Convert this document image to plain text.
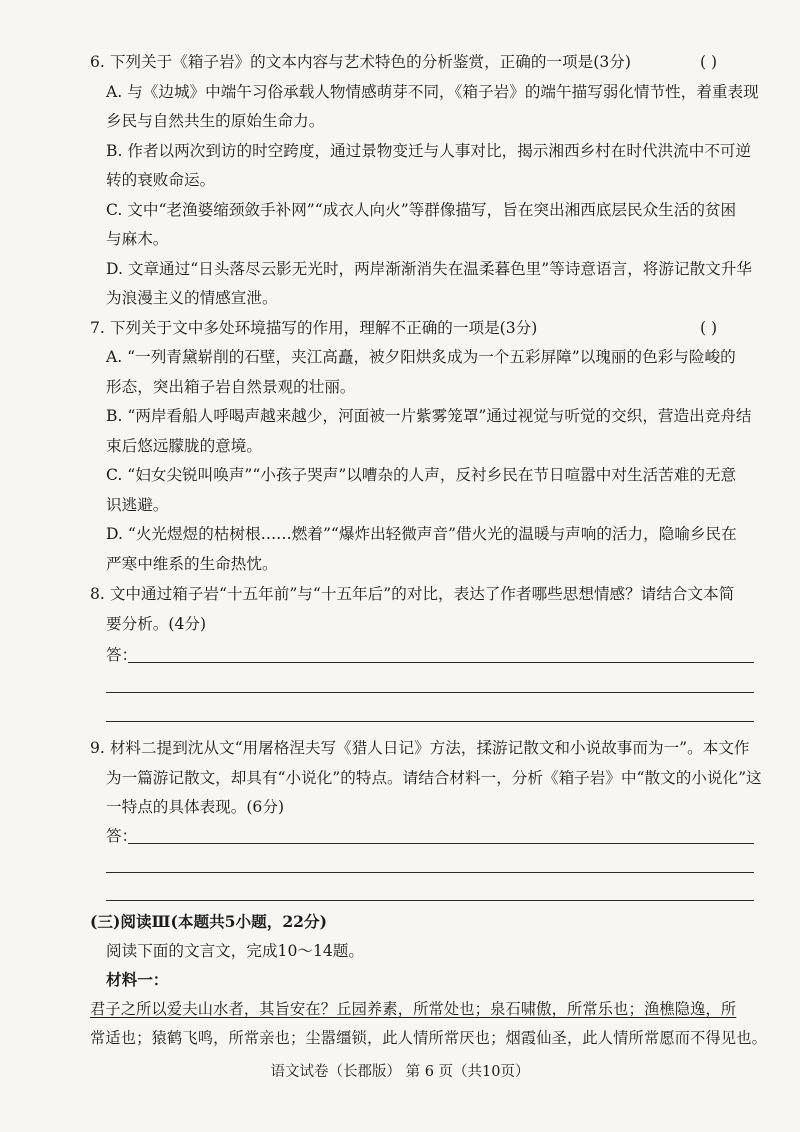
6. 下列关于《箱子岩》的文本内容与艺术特色的分析鉴赏，正确的一项是(3分)	( )
A. 与《边城》中端午习俗承载人物情感萌芽不同，《箱子岩》的端午描写弱化情节性，着重表现
乡民与自然共生的原始生命力。
B. 作者以两次到访的时空跨度，通过景物变迁与人事对比，揭示湘西乡村在时代洪流中不可逆
转的衰败命运。
C. 文中“老渔婆缩颈敛手补网”“成衣人向火”等群像描写，旨在突出湘西底层民众生活的贫困
与麻木。
D. 文章通过“日头落尽云影无光时，两岸渐渐消失在温柔暮色里”等诗意语言，将游记散文升华
为浪漫主义的情感宣泄。
7. 下列关于文中多处环境描写的作用，理解不正确的一项是(3分)	( )
A. “一列青黛崭削的石壁，夹江高矗，被夕阳烘炙成为一个五彩屏障”以瑰丽的色彩与险峻的
形态，突出箱子岩自然景观的壮丽。
B. “两岸看船人呼喝声越来越少，河面被一片紫雾笼罩”通过视觉与听觉的交织，营造出竞舟结
束后悠远朦胧的意境。
C. “妇女尖锐叫唤声”“小孩子哭声”以嘈杂的人声，反衬乡民在节日喧嚣中对生活苦难的无意
识逃避。
D. “火光煜煜的枯树根……燃着”“爆炸出轻微声音”借火光的温暖与声响的活力，隐喻乡民在
严寒中维系的生命热忱。
8. 文中通过箱子岩“十五年前”与“十五年后”的对比，表达了作者哪些思想情感？请结合文本简
要分析。(4分)
答：
9. 材料二提到沈从文“用屠格涅夫写《猎人日记》方法，揉游记散文和小说故事而为一”。本文作
为一篇游记散文，却具有“小说化”的特点。请结合材料一，分析《箱子岩》中“散文的小说化”这
一特点的具体表现。(6分)
答：
(三)阅读Ⅲ(本题共5小题，22分)
阅读下面的文言文，完成10～14题。
材料一：
君子之所以爱夫山水者，其旨安在？丘园养素，所常处也；泉石啸傲，所常乐也；渔樵隐逸，所
常适也；猿鹤飞鸣，所常亲也；尘嚣缰锁，此人情所常厌也；烟霞仙圣，此人情所常愿而不得见也。
语文试卷（长郡版） 第 6 页（共10页）
